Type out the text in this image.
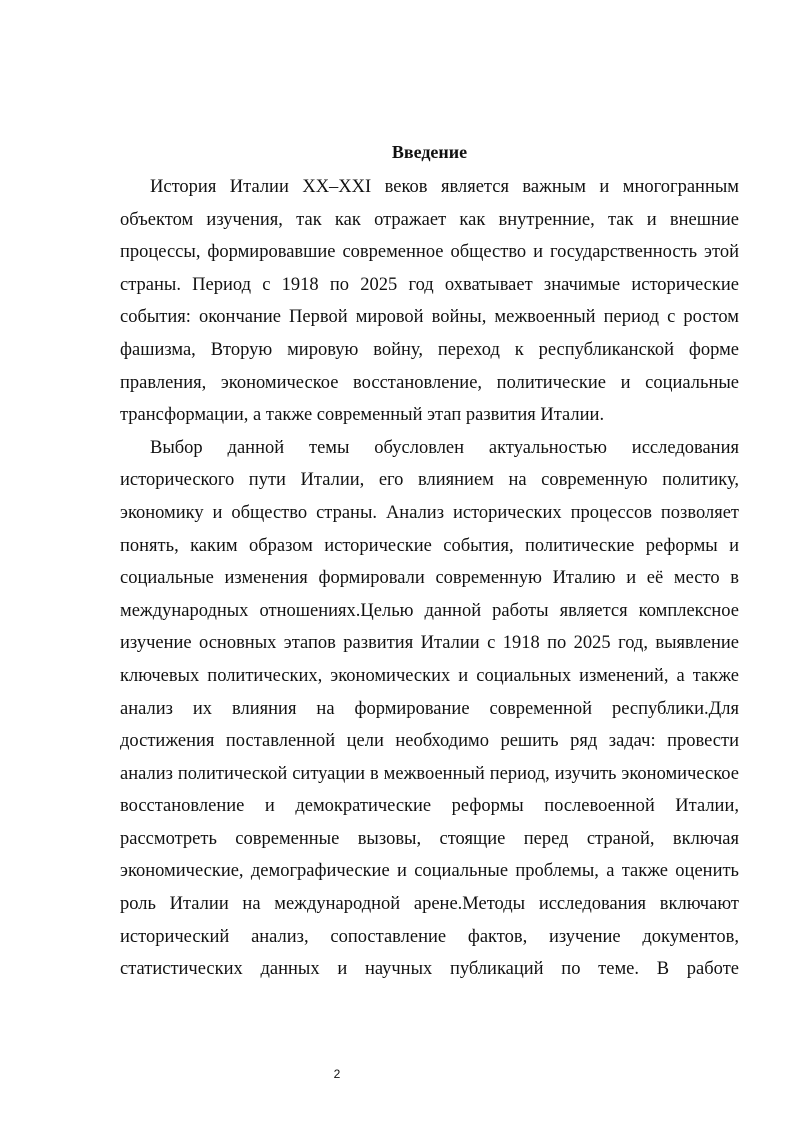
Введение

История Италии XX–XXI веков является важным и многогранным объектом изучения, так как отражает как внутренние, так и внешние процессы, формировавшие современное общество и государственность этой страны. Период с 1918 по 2025 год охватывает значимые исторические события: окончание Первой мировой войны, межвоенный период с ростом фашизма, Вторую мировую войну, переход к республиканской форме правления, экономическое восстановление, политические и социальные трансформации, а также современный этап развития Италии.

Выбор данной темы обусловлен актуальностью исследования исторического пути Италии, его влиянием на современную политику, экономику и общество страны. Анализ исторических процессов позволяет понять, каким образом исторические события, политические реформы и социальные изменения формировали современную Италию и её место в международных отношениях.Целью данной работы является комплексное изучение основных этапов развития Италии с 1918 по 2025 год, выявление ключевых политических, экономических и социальных изменений, а также анализ их влияния на формирование современной республики.Для достижения поставленной цели необходимо решить ряд задач: провести анализ политической ситуации в межвоенный период, изучить экономическое восстановление и демократические реформы послевоенной Италии, рассмотреть современные вызовы, стоящие перед страной, включая экономические, демографические и социальные проблемы, а также оценить роль Италии на международной арене.Методы исследования включают исторический анализ, сопоставление фактов, изучение документов, статистических данных и научных публикаций по теме. В работе

2
